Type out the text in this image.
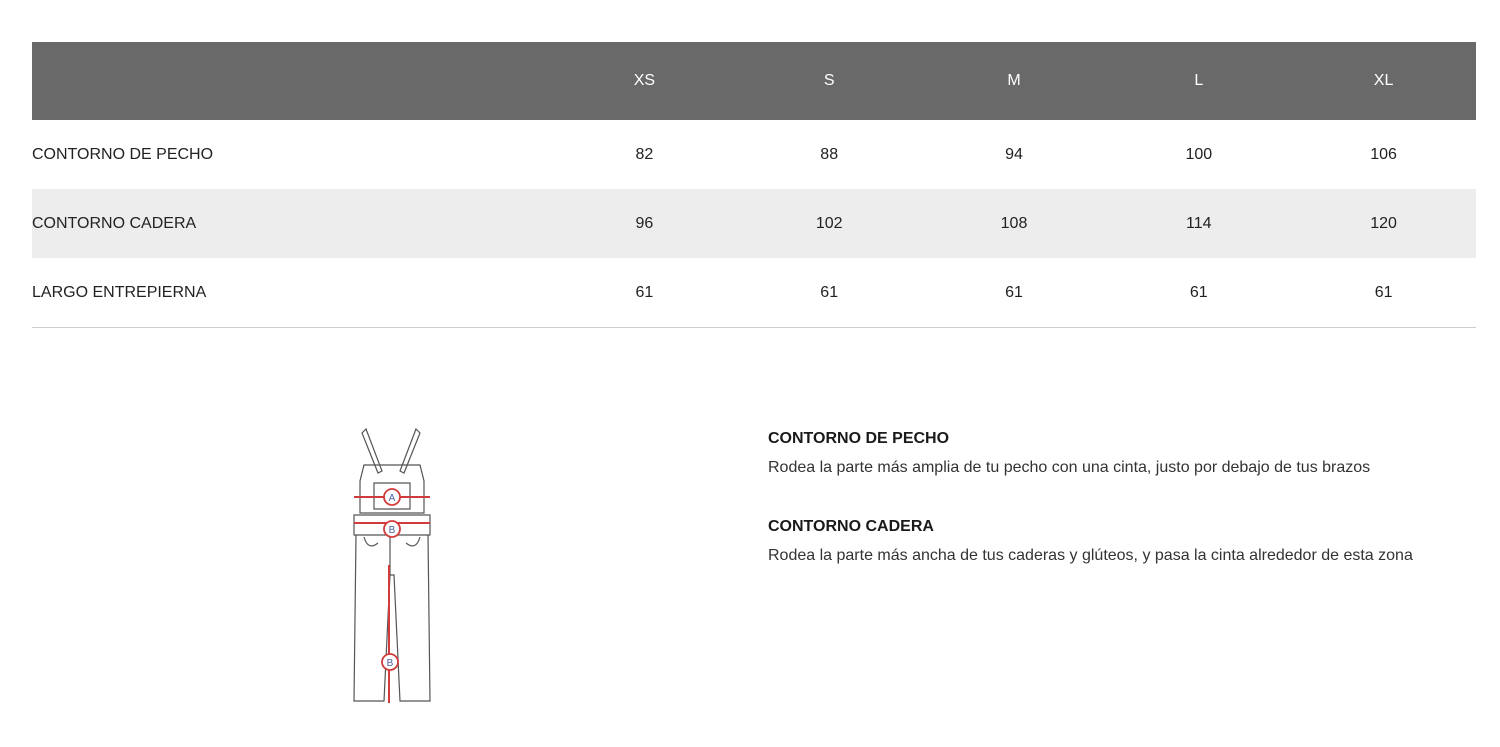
	XS	S	M	L	XL
CONTORNO DE PECHO	82	88	94	100	106
CONTORNO CADERA	96	102	108	114	120
LARGO ENTREPIERNA	61	61	61	61	61
A
B
B
CONTORNO DE PECHO
Rodea la parte más amplia de tu pecho con una cinta, justo por debajo de tus brazos
CONTORNO CADERA
Rodea la parte más ancha de tus caderas y glúteos, y pasa la cinta alrededor de esta zona
